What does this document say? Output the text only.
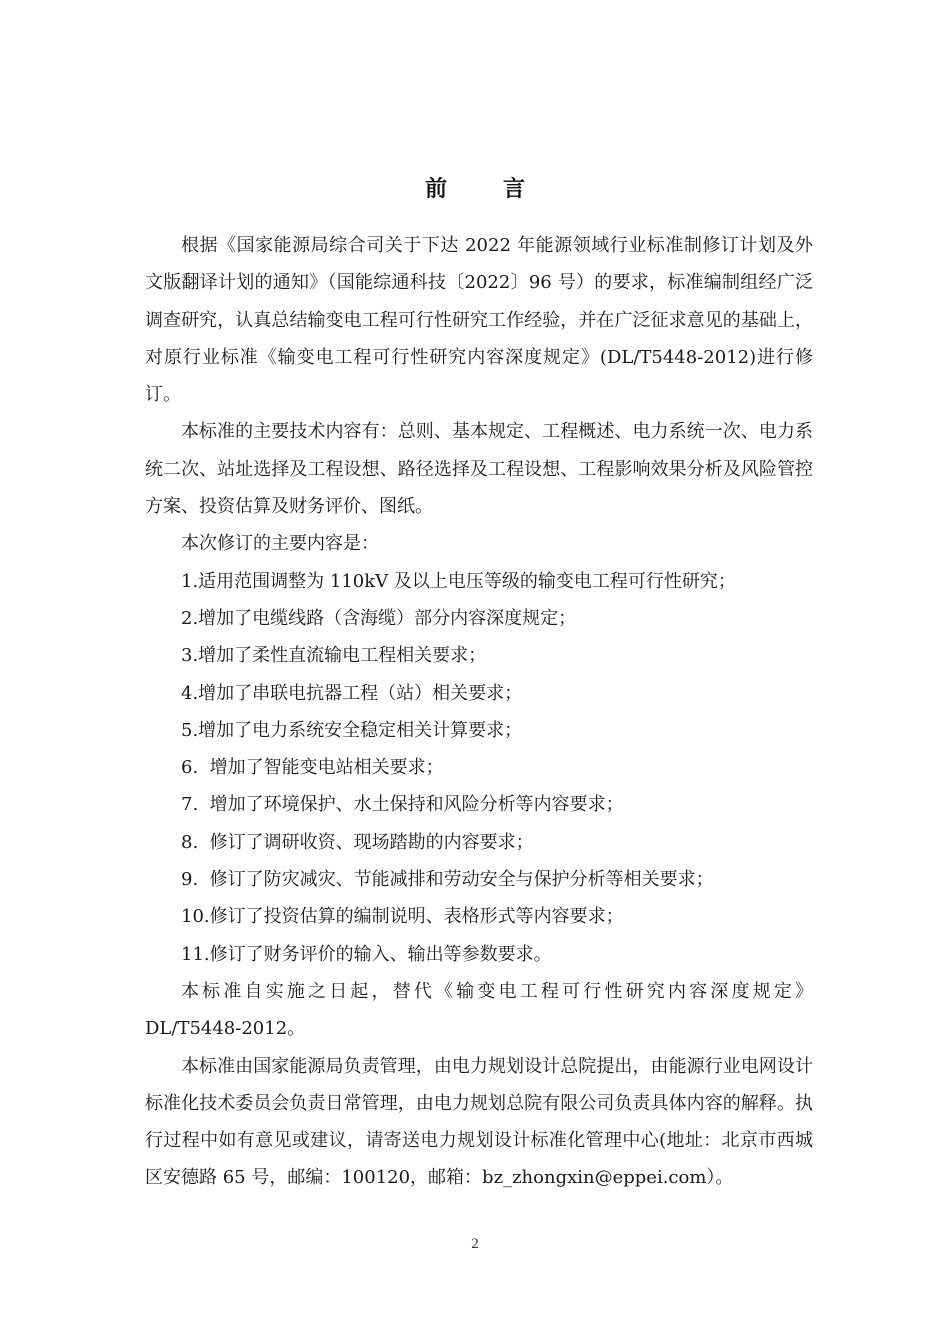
前	言

根据《国家能源局综合司关于下达 2022 年能源领域行业标准制修订计划及外文版翻译计划的通知》（国能综通科技〔2022〕96 号）的要求，标准编制组经广泛调查研究，认真总结输变电工程可行性研究工作经验，并在广泛征求意见的基础上，对原行业标准《输变电工程可行性研究内容深度规定》(DL/T5448-2012)进行修订。

本标准的主要技术内容有：总则、基本规定、工程概述、电力系统一次、电力系统二次、站址选择及工程设想、路径选择及工程设想、工程影响效果分析及风险管控方案、投资估算及财务评价、图纸。

本次修订的主要内容是：

1.适用范围调整为 110kV 及以上电压等级的输变电工程可行性研究；

2.增加了电缆线路（含海缆）部分内容深度规定；

3.增加了柔性直流输电工程相关要求；

4.增加了串联电抗器工程（站）相关要求；

5.增加了电力系统安全稳定相关计算要求；

6.  增加了智能变电站相关要求；

7.  增加了环境保护、水土保持和风险分析等内容要求；

8.  修订了调研收资、现场踏勘的内容要求；

9.  修订了防灾减灾、节能减排和劳动安全与保护分析等相关要求；

10.修订了投资估算的编制说明、表格形式等内容要求；

11.修订了财务评价的输入、输出等参数要求。

本标准自实施之日起，替代《输变电工程可行性研究内容深度规定》DL/T5448-2012。

本标准由国家能源局负责管理，由电力规划设计总院提出，由能源行业电网设计标准化技术委员会负责日常管理，由电力规划总院有限公司负责具体内容的解释。执行过程中如有意见或建议，请寄送电力规划设计标准化管理中心(地址：北京市西城区安德路 65 号，邮编：100120，邮箱：bz_zhongxin@eppei.com）。

2
